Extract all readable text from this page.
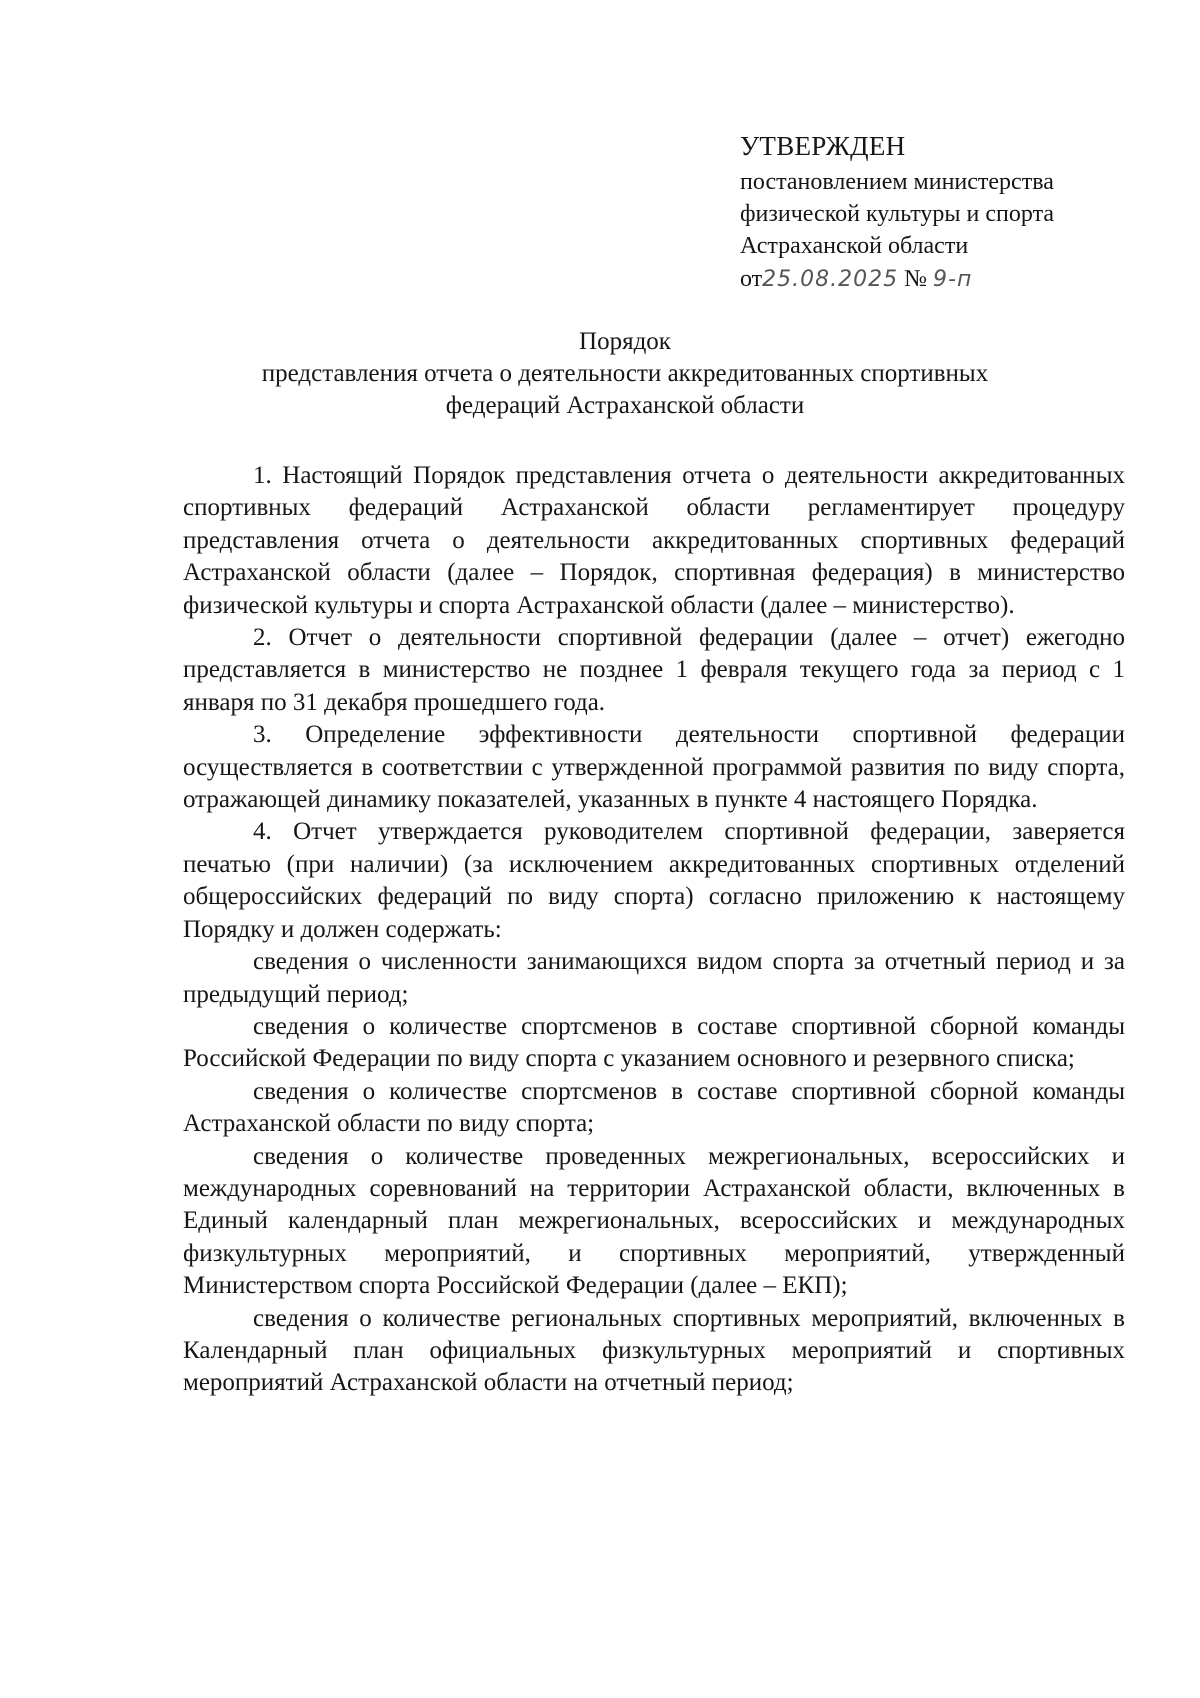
УТВЕРЖДЕН
постановлением министерства
физической культуры и спорта
Астраханской области
от25.08.2025 № 9-п
Порядок
представления отчета о деятельности аккредитованных спортивных
федераций Астраханской области

1. Настоящий Порядок представления отчета о деятельности аккредитованных спортивных федераций Астраханской области регламентирует процедуру представления отчета о деятельности аккредитованных спортивных федераций Астраханской области (далее – Порядок, спортивная федерация) в министерство физической культуры и спорта Астраханской области (далее – министерство).

2. Отчет о деятельности спортивной федерации (далее – отчет) ежегодно представляется в министерство не позднее 1 февраля текущего года за период с 1 января по 31 декабря прошедшего года.

3. Определение эффективности деятельности спортивной федерации осуществляется в соответствии с утвержденной программой развития по виду спорта, отражающей динамику показателей, указанных в пункте 4 настоящего Порядка.

4. Отчет утверждается руководителем спортивной федерации, заверяется печатью (при наличии) (за исключением аккредитованных спортивных отделений общероссийских федераций по виду спорта) согласно приложению к настоящему Порядку и должен содержать:

сведения о численности занимающихся видом спорта за отчетный период и за предыдущий период;

сведения о количестве спортсменов в составе спортивной сборной команды Российской Федерации по виду спорта с указанием основного и резервного списка;

сведения о количестве спортсменов в составе спортивной сборной команды Астраханской области по виду спорта;

сведения о количестве проведенных межрегиональных, всероссийских и международных соревнований на территории Астраханской области, включенных в Единый календарный план межрегиональных, всероссийских и международных физкультурных мероприятий, и спортивных мероприятий, утвержденный Министерством спорта Российской Федерации (далее – ЕКП);

сведения о количестве региональных спортивных мероприятий, включенных в Календарный план официальных физкультурных мероприятий и спортивных мероприятий Астраханской области на отчетный период;
